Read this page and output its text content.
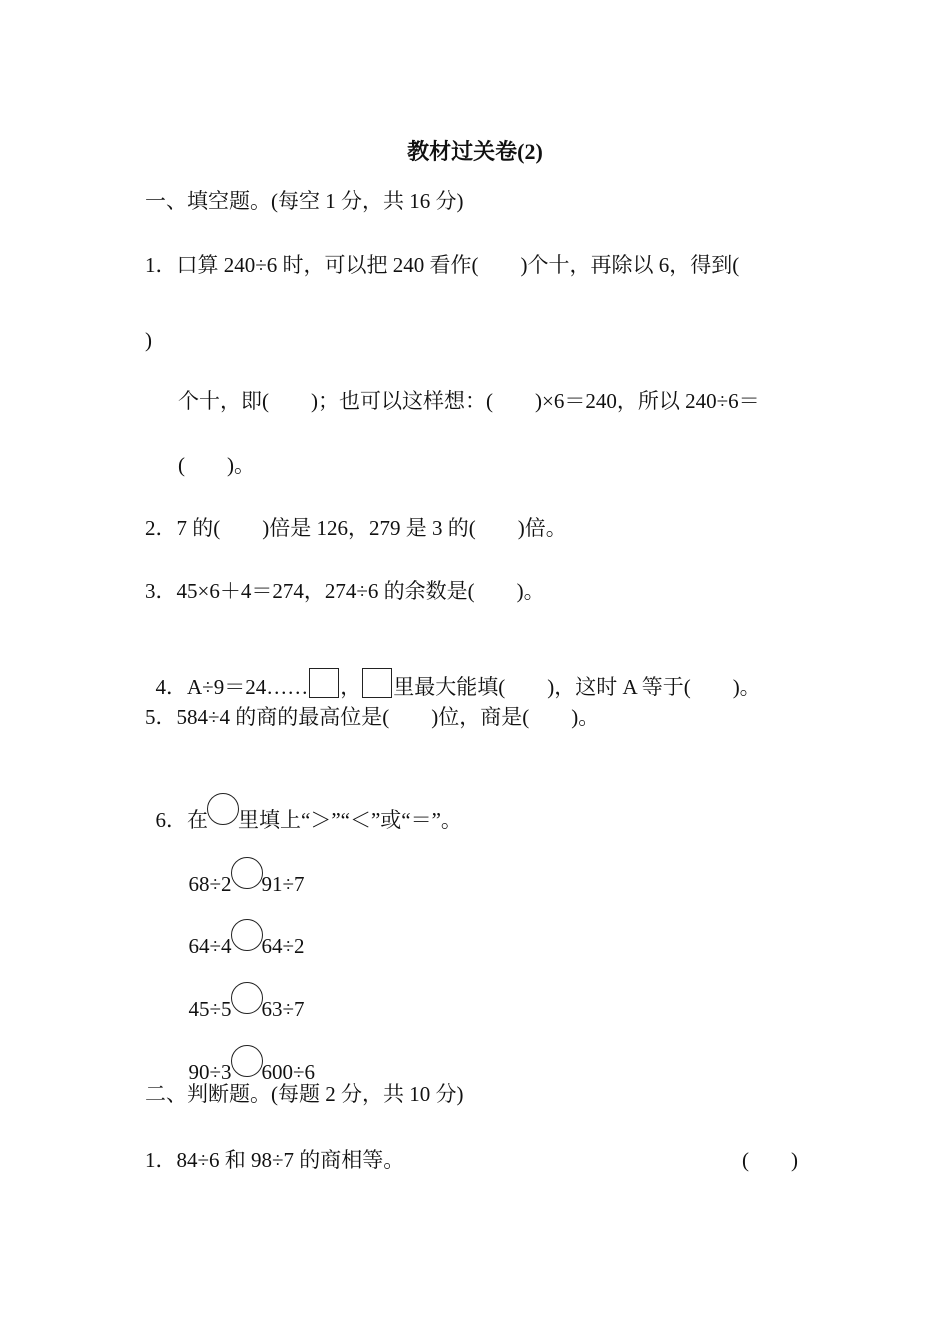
教材过关卷(2)
一、填空题。(每空 1 分，共 16 分)
1．口算 240÷6 时，可以把 240 看作(        )个十，再除以 6，得到(
)
个十，即(        )；也可以这样想：(        )×6＝240，所以 240÷6＝
(        )。
2．7 的(        )倍是 126，279 是 3 的(        )倍。
3．45×6＋4＝274，274÷6 的余数是(        )。

4．A÷9＝24…… ， 里最大能填(        )，这时 A 等于(        )。

5．584÷4 的商的最高位是(        )位，商是(        )。

6．在 里填上“＞”“＜”或“＝”。

68÷2 91÷7

64÷4 64÷2

45÷5 63÷7

90÷3 600÷6

二、判断题。(每题 2 分，共 10 分)
1．84÷6 和 98÷7 的商相等。	(        )
